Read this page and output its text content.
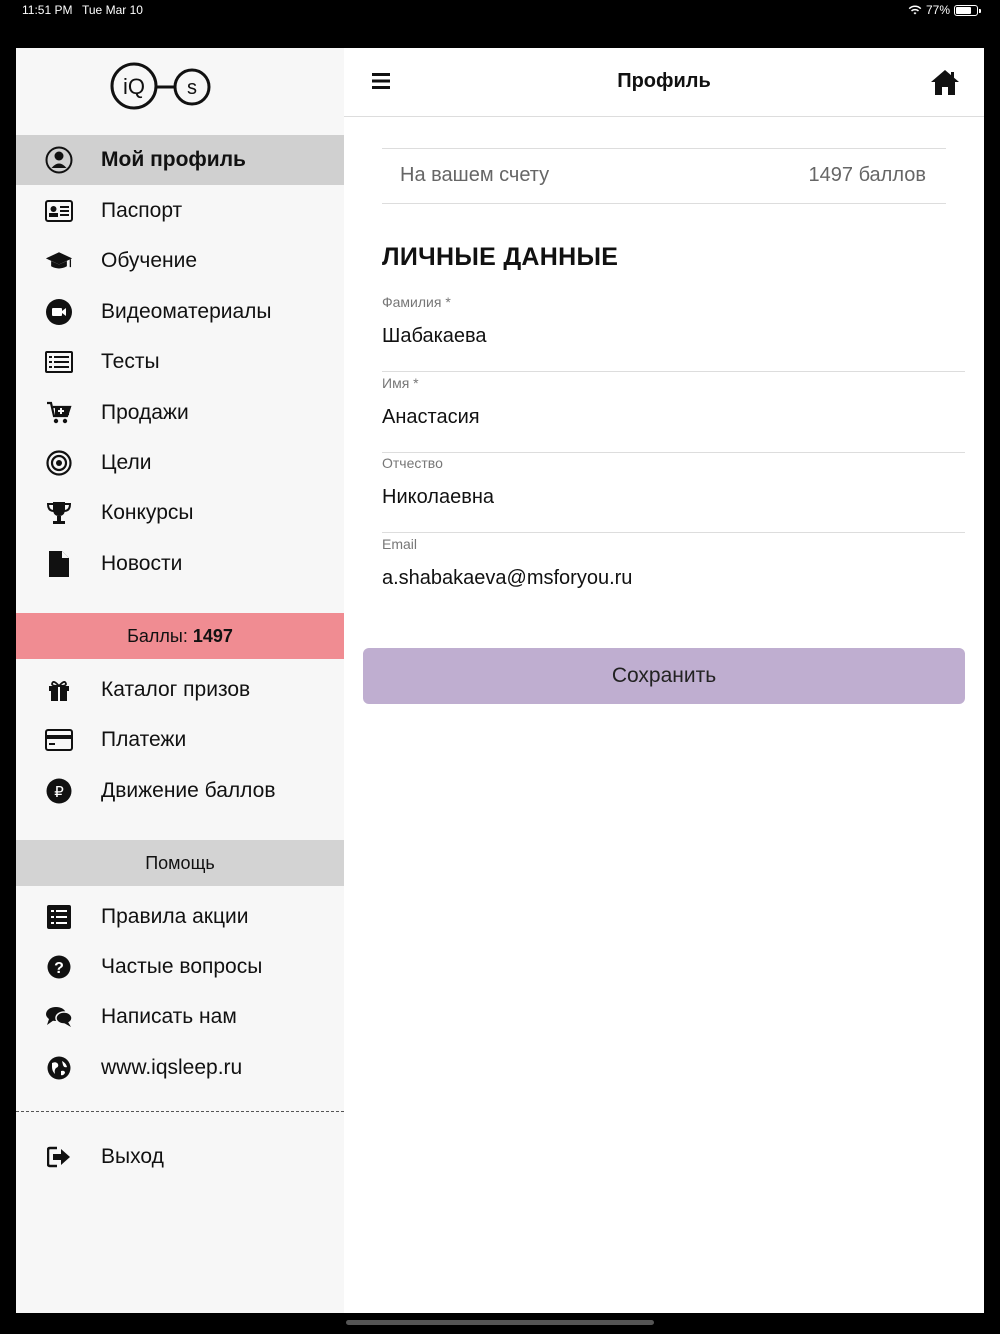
11:51 PM Tue Mar 10	77%
iQ s
Мой профиль
Паспорт
Обучение
Видеоматериалы
Тесты
Продажи
Цели
Конкурсы
Новости
Баллы: 1497
Каталог призов
Платежи
₽ Движение баллов
Помощь
Правила акции
? Частые вопросы
Написать нам
www.iqsleep.ru
Выход
Профиль
На вашем счету	1497 баллов
ЛИЧНЫЕ ДАННЫЕ
Фамилия *
Шабакаева
Имя *
Анастасия
Отчество
Николаевна
Email
a.shabakaeva@msforyou.ru
Сохранить
